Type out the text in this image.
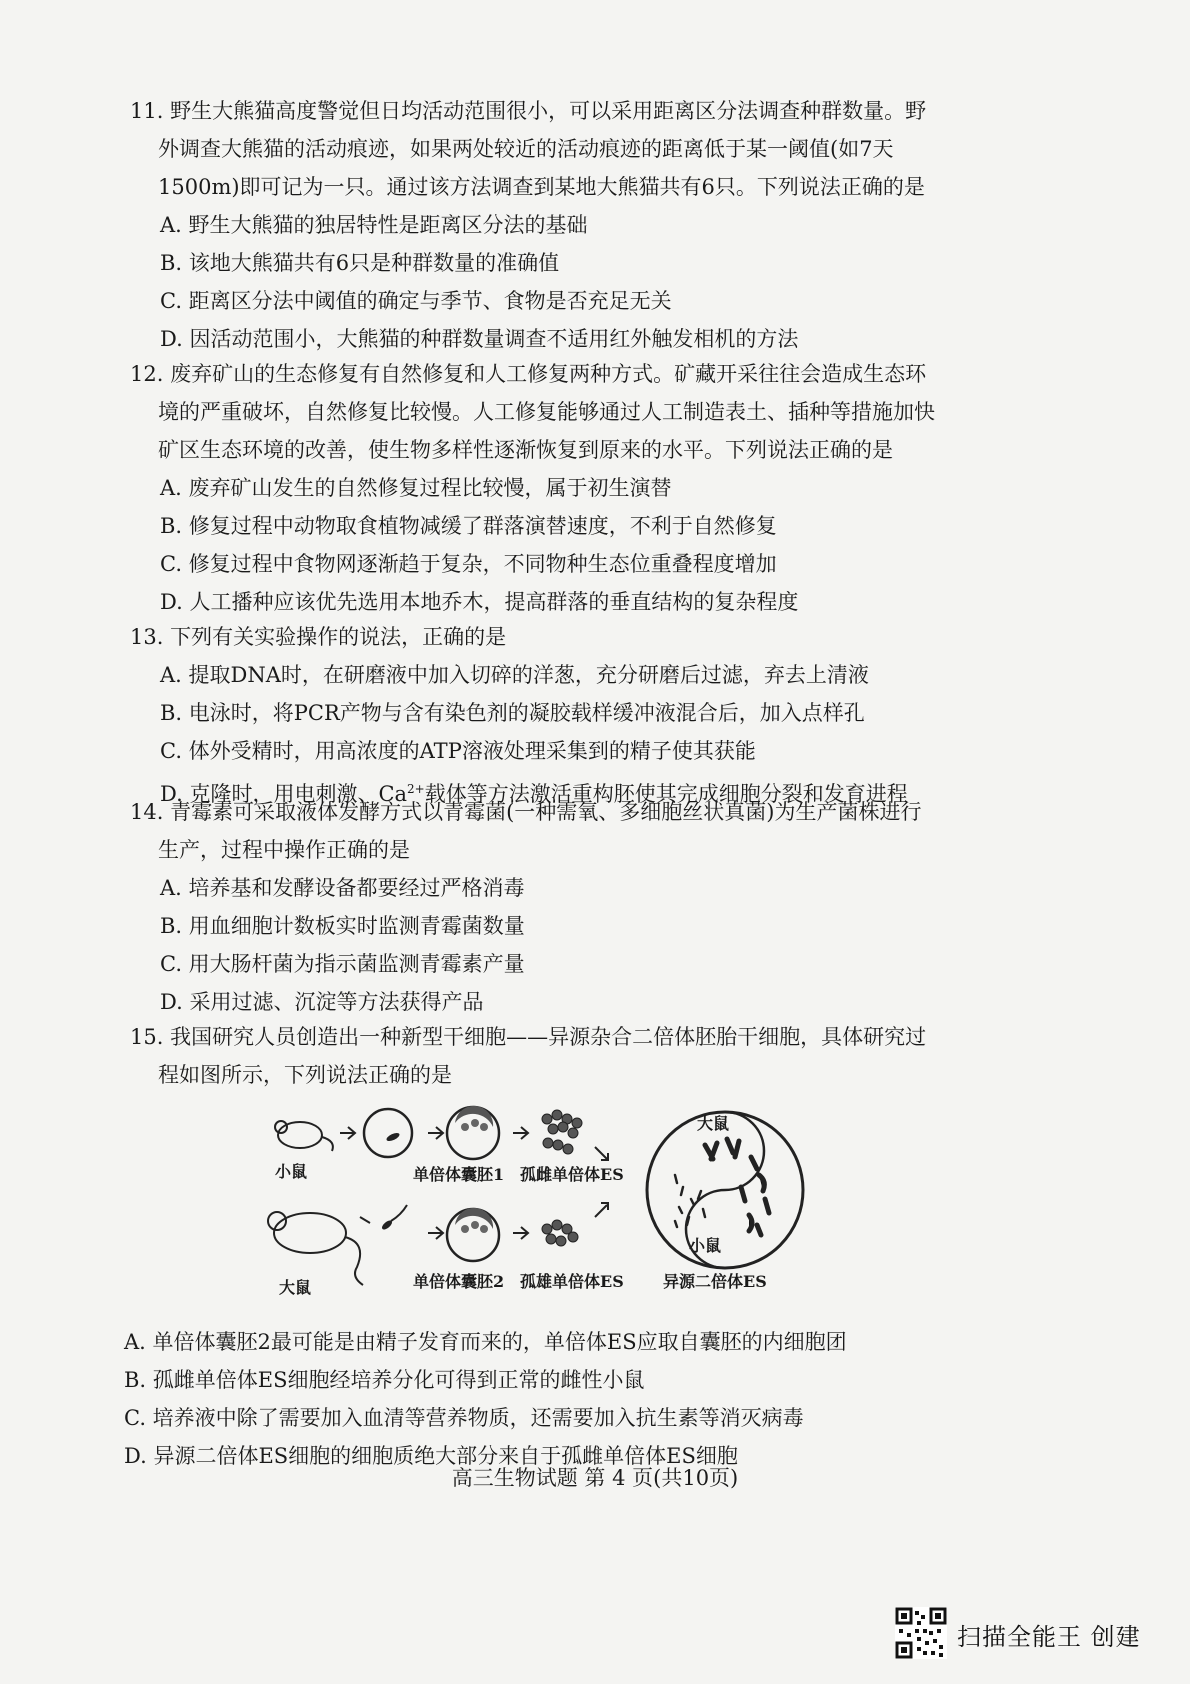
11. 野生大熊猫高度警觉但日均活动范围很小，可以采用距离区分法调查种群数量。野
外调查大熊猫的活动痕迹，如果两处较近的活动痕迹的距离低于某一阈值(如7天
1500m)即可记为一只。通过该方法调查到某地大熊猫共有6只。下列说法正确的是
A. 野生大熊猫的独居特性是距离区分法的基础
B. 该地大熊猫共有6只是种群数量的准确值
C. 距离区分法中阈值的确定与季节、食物是否充足无关
D. 因活动范围小，大熊猫的种群数量调查不适用红外触发相机的方法
12. 废弃矿山的生态修复有自然修复和人工修复两种方式。矿藏开采往往会造成生态环
境的严重破坏，自然修复比较慢。人工修复能够通过人工制造表土、插种等措施加快
矿区生态环境的改善，使生物多样性逐渐恢复到原来的水平。下列说法正确的是
A. 废弃矿山发生的自然修复过程比较慢，属于初生演替
B. 修复过程中动物取食植物减缓了群落演替速度，不利于自然修复
C. 修复过程中食物网逐渐趋于复杂，不同物种生态位重叠程度增加
D. 人工播种应该优先选用本地乔木，提高群落的垂直结构的复杂程度
13. 下列有关实验操作的说法，正确的是
A. 提取DNA时，在研磨液中加入切碎的洋葱，充分研磨后过滤，弃去上清液
B. 电泳时，将PCR产物与含有染色剂的凝胶载样缓冲液混合后，加入点样孔
C. 体外受精时，用高浓度的ATP溶液处理采集到的精子使其获能
D. 克隆时，用电刺激、$Ca^{2+}$载体等方法激活重构胚使其完成细胞分裂和发育进程
14. 青霉素可采取液体发酵方式以青霉菌(一种需氧、多细胞丝状真菌)为生产菌株进行
生产，过程中操作正确的是
A. 培养基和发酵设备都要经过严格消毒
B. 用血细胞计数板实时监测青霉菌数量
C. 用大肠杆菌为指示菌监测青霉素产量
D. 采用过滤、沉淀等方法获得产品
15. 我国研究人员创造出一种新型干细胞——异源杂合二倍体胚胎干细胞，具体研究过
程如图所示，下列说法正确的是
小鼠	单倍体囊胚1 孤雌单倍体ES
大鼠	单倍体囊胚2 孤雄单倍体ES
大鼠
小鼠
异源二倍体ES
A. 单倍体囊胚2最可能是由精子发育而来的，单倍体ES应取自囊胚的内细胞团
B. 孤雌单倍体ES细胞经培养分化可得到正常的雌性小鼠
C. 培养液中除了需要加入血清等营养物质，还需要加入抗生素等消灭病毒
D. 异源二倍体ES细胞的细胞质绝大部分来自于孤雌单倍体ES细胞
高三生物试题 第 4 页(共10页)
扫描全能王 创建
